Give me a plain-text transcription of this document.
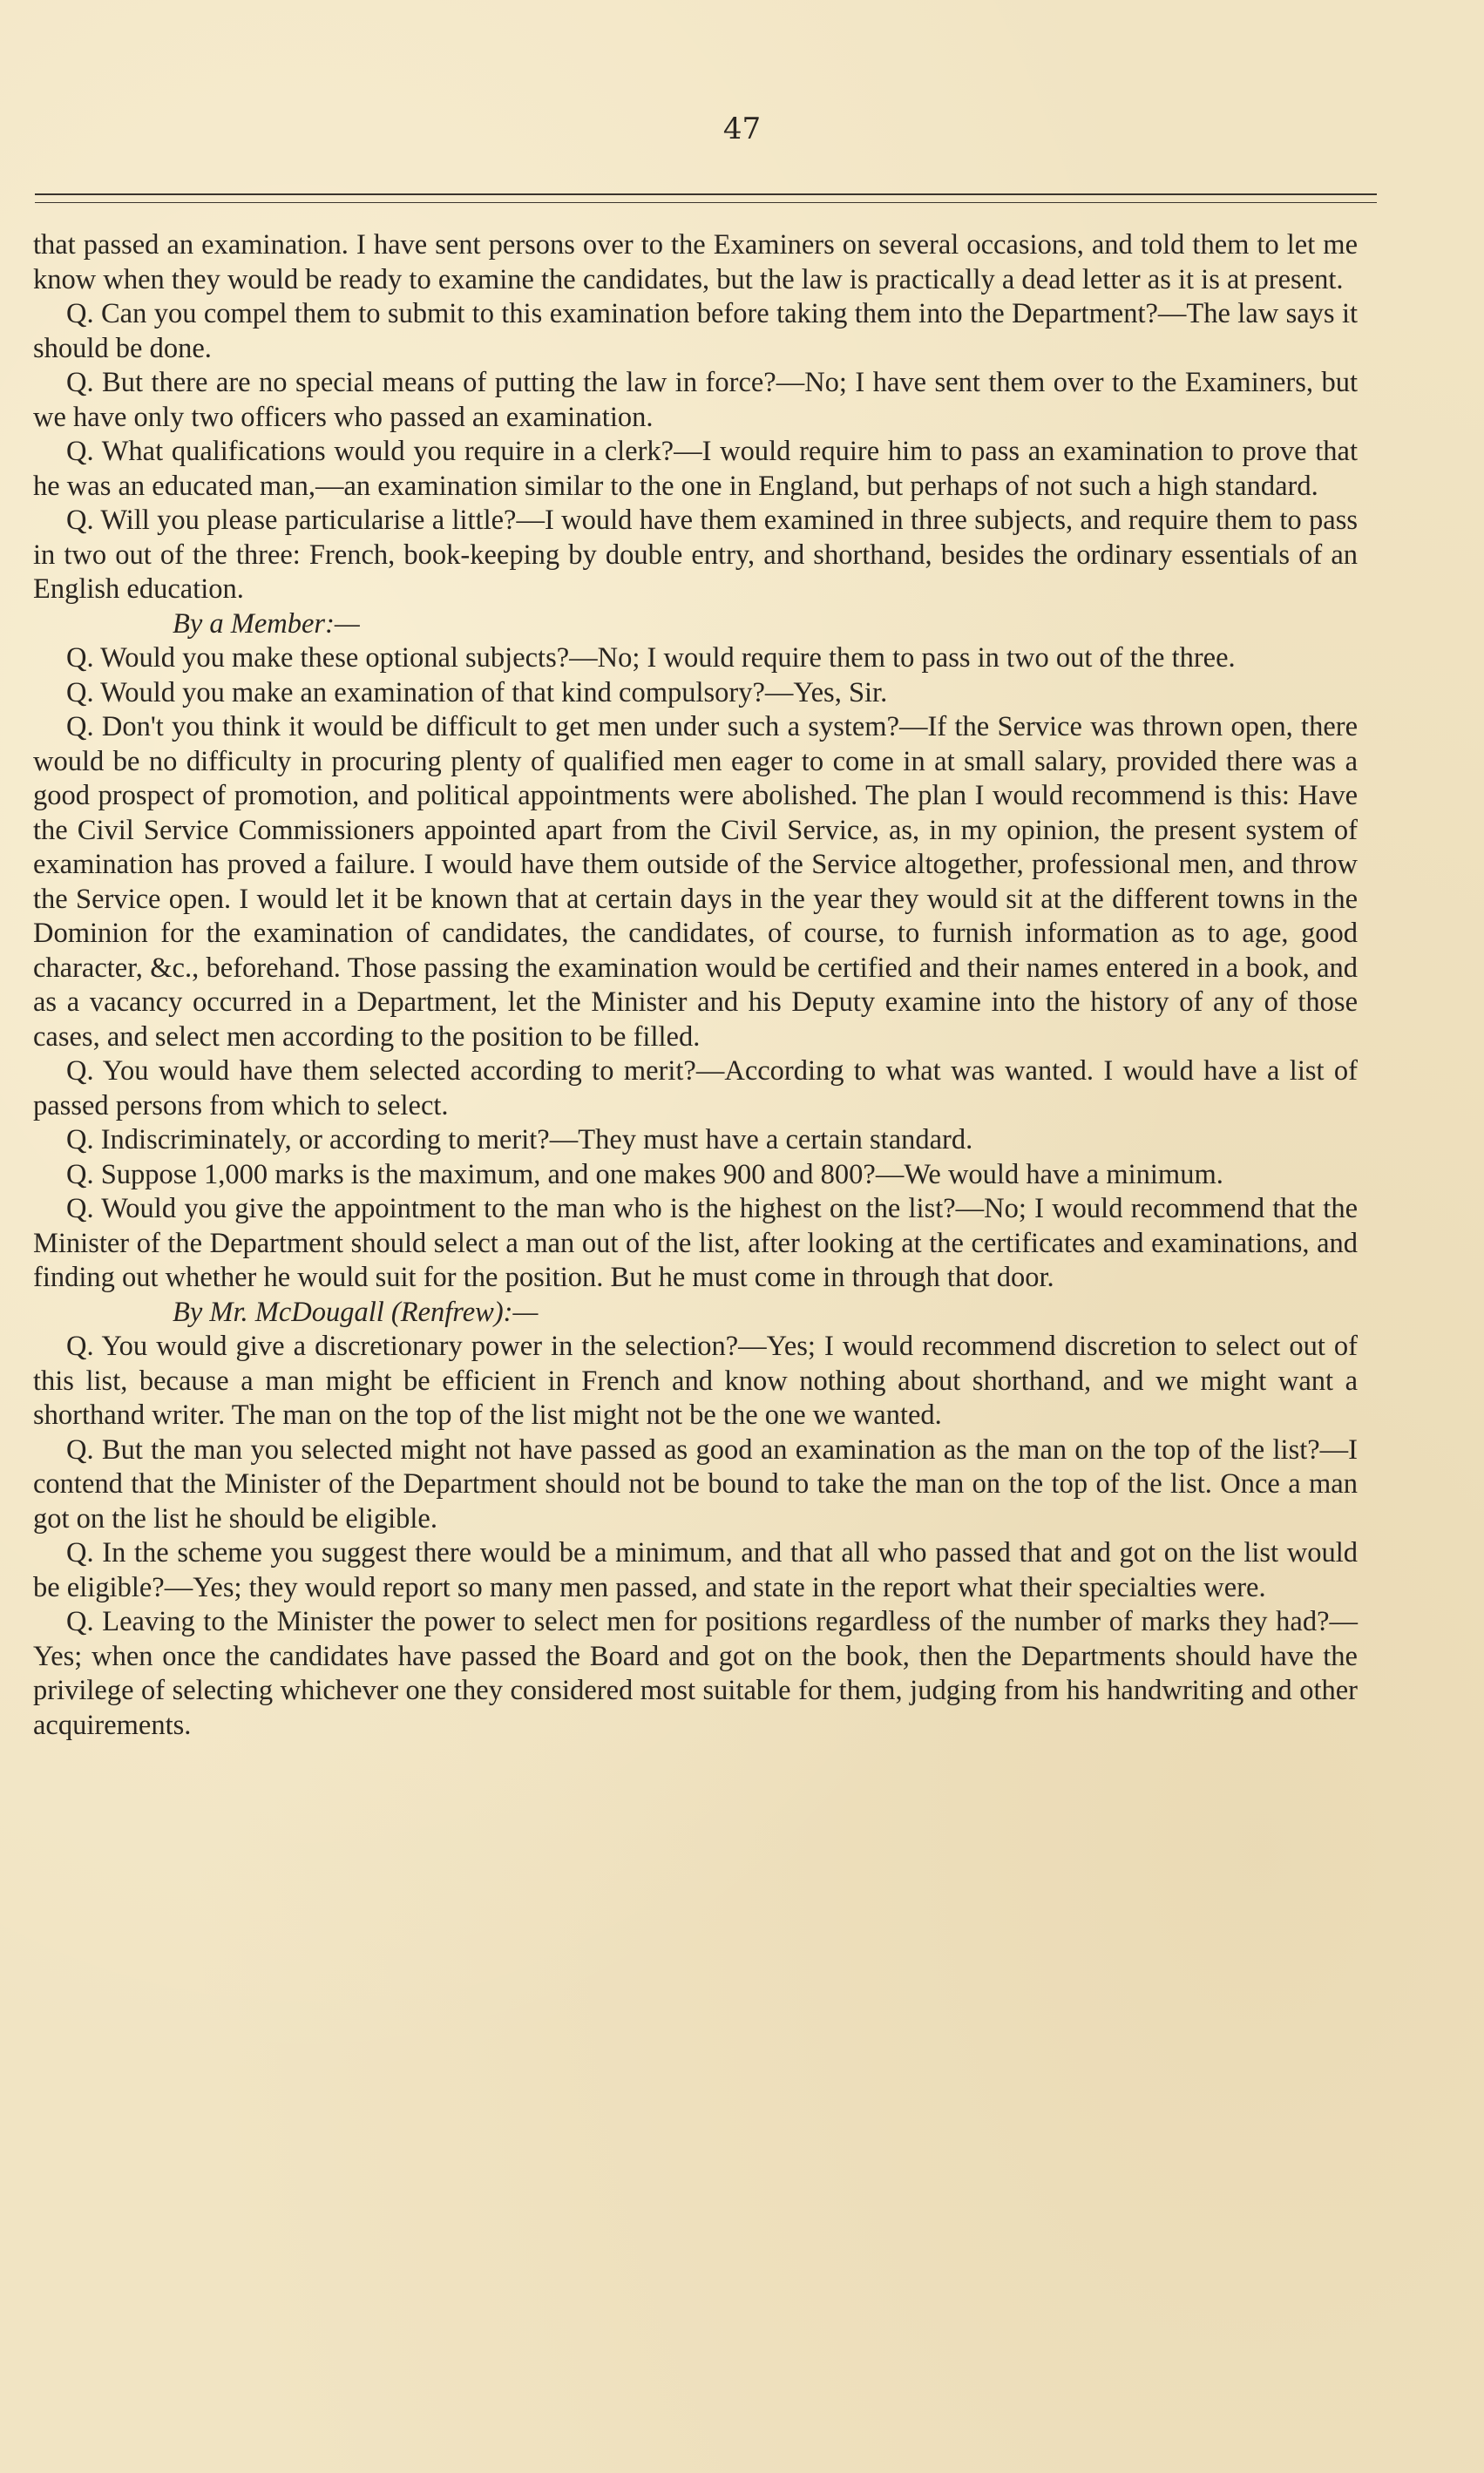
47

that passed an examination. I have sent persons over to the Examiners on several occasions, and told them to let me know when they would be ready to examine the candidates, but the law is practically a dead letter as it is at present.

Q. Can you compel them to submit to this examination before taking them into the Department?—The law says it should be done.

Q. But there are no special means of putting the law in force?—No; I have sent them over to the Examiners, but we have only two officers who passed an examination.

Q. What qualifications would you require in a clerk?—I would require him to pass an examination to prove that he was an educated man,—an examination similar to the one in England, but perhaps of not such a high standard.

Q. Will you please particularise a little?—I would have them examined in three subjects, and require them to pass in two out of the three: French, book-keeping by double entry, and shorthand, besides the ordinary essentials of an English education.

By a Member:—

Q. Would you make these optional subjects?—No; I would require them to pass in two out of the three.

Q. Would you make an examination of that kind compulsory?—Yes, Sir.

Q. Don't you think it would be difficult to get men under such a system?—If the Service was thrown open, there would be no difficulty in procuring plenty of qualified men eager to come in at small salary, provided there was a good prospect of promotion, and political appointments were abolished. The plan I would recommend is this: Have the Civil Service Commissioners appointed apart from the Civil Service, as, in my opinion, the present system of examination has proved a failure. I would have them outside of the Service altogether, professional men, and throw the Service open. I would let it be known that at certain days in the year they would sit at the different towns in the Dominion for the examination of candidates, the candidates, of course, to furnish information as to age, good character, &c., beforehand. Those passing the examination would be certified and their names entered in a book, and as a vacancy occurred in a Department, let the Minister and his Deputy examine into the history of any of those cases, and select men according to the position to be filled.

Q. You would have them selected according to merit?—According to what was wanted. I would have a list of passed persons from which to select.

Q. Indiscriminately, or according to merit?—They must have a certain standard.

Q. Suppose 1,000 marks is the maximum, and one makes 900 and 800?—We would have a minimum.

Q. Would you give the appointment to the man who is the highest on the list?—No; I would recommend that the Minister of the Department should select a man out of the list, after looking at the certificates and examinations, and finding out whether he would suit for the position. But he must come in through that door.

By Mr. McDougall (Renfrew):—

Q. You would give a discretionary power in the selection?—Yes; I would recommend discretion to select out of this list, because a man might be efficient in French and know nothing about shorthand, and we might want a shorthand writer. The man on the top of the list might not be the one we wanted.

Q. But the man you selected might not have passed as good an examination as the man on the top of the list?—I contend that the Minister of the Department should not be bound to take the man on the top of the list. Once a man got on the list he should be eligible.

Q. In the scheme you suggest there would be a minimum, and that all who passed that and got on the list would be eligible?—Yes; they would report so many men passed, and state in the report what their specialties were.

Q. Leaving to the Minister the power to select men for positions regardless of the number of marks they had?—Yes; when once the candidates have passed the Board and got on the book, then the Departments should have the privilege of selecting whichever one they considered most suitable for them, judging from his handwriting and other acquirements.
